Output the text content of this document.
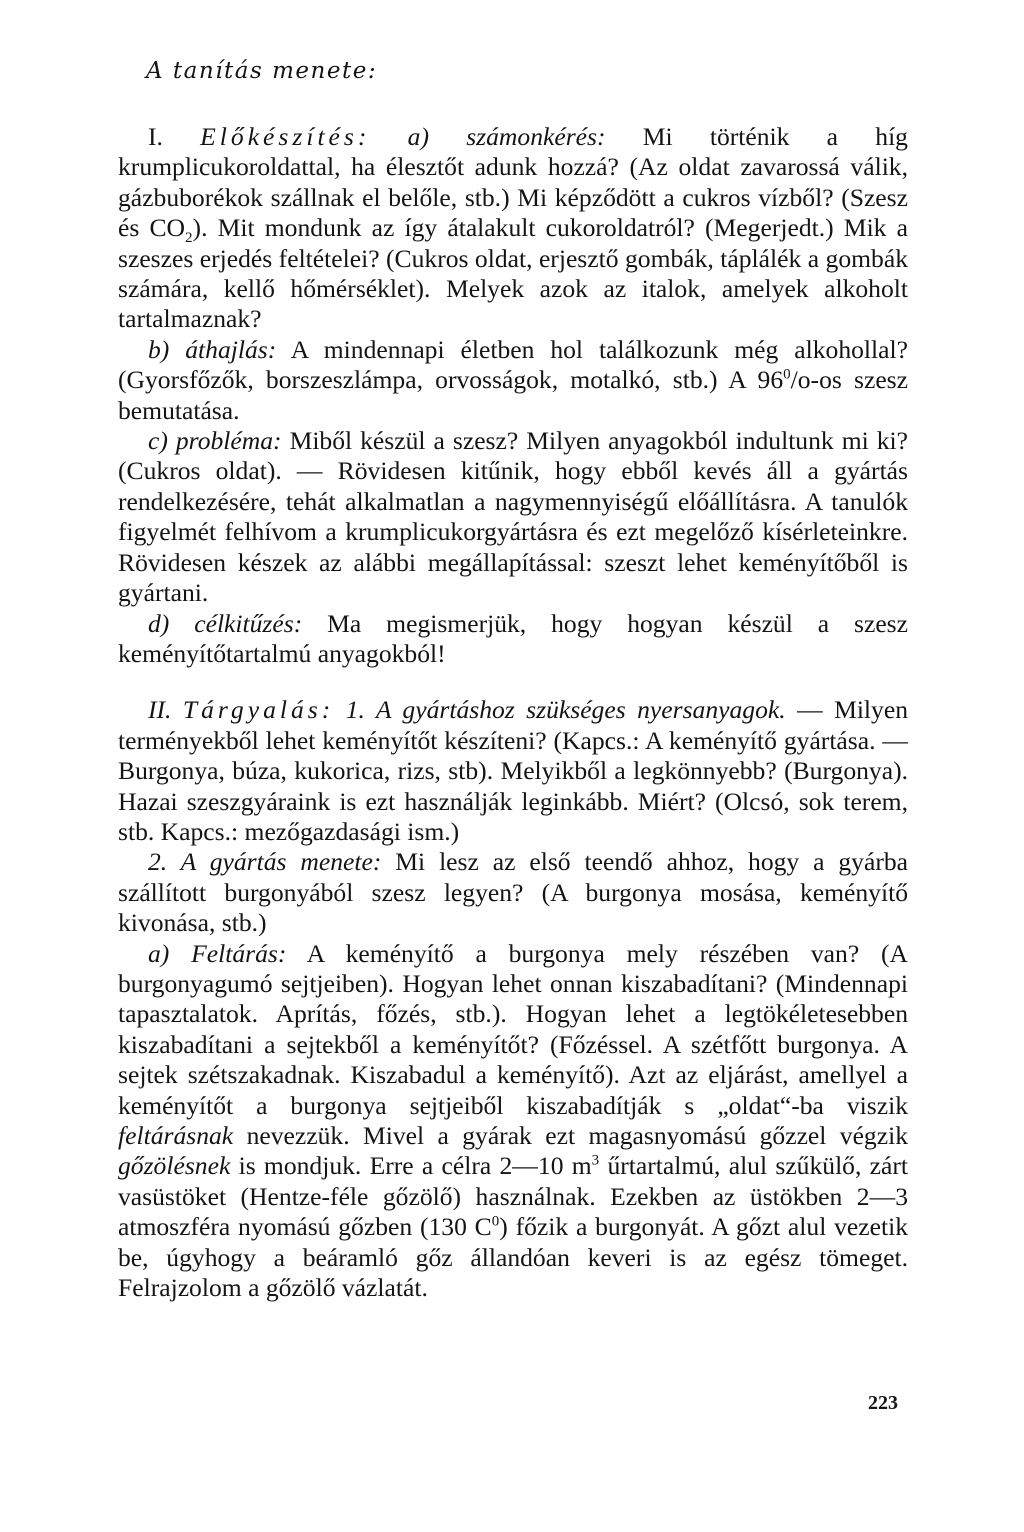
A tanítás menete:

I. Előkészítés: a) számonkérés: Mi történik a híg krumplicukoroldattal, ha élesztőt adunk hozzá? (Az oldat zavarossá válik, gázbuborékok szállnak el belőle, stb.) Mi képződött a cukros vízből? (Szesz és $CO_2$). Mit mondunk az így átalakult cukoroldatról? (Megerjedt.) Mik a szeszes erjedés feltételei? (Cukros oldat, erjesztő gombák, táplálék a gombák számára, kellő hőmérséklet). Melyek azok az italok, amelyek alkoholt tartalmaznak?

b) áthajlás: A mindennapi életben hol találkozunk még alkohollal? (Gyorsfőzők, borszeszlámpa, orvosságok, motalkó, stb.) A $96^0/o-os$ szesz bemutatása.

c) probléma: Miből készül a szesz? Milyen anyagokból indultunk mi ki? (Cukros oldat). — Rövidesen kitűnik, hogy ebből kevés áll a gyártás rendelkezésére, tehát alkalmatlan a nagymennyiségű előállításra. A tanulók figyelmét felhívom a krumplicukorgyártásra és ezt megelőző kísérleteinkre. Rövidesen készek az alábbi megállapítással: szeszt lehet keményítőből is gyártani.

d) célkitűzés: Ma megismerjük, hogy hogyan készül a szesz keményítőtartalmú anyagokból!

II. Tárgyalás: 1. A gyártáshoz szükséges nyersanyagok. — Milyen terményekből lehet keményítőt készíteni? (Kapcs.: A keményítő gyártása. — Burgonya, búza, kukorica, rizs, stb). Melyikből a legkönnyebb? (Burgonya). Hazai szeszgyáraink is ezt használják leginkább. Miért? (Olcsó, sok terem, stb. Kapcs.: mezőgazdasági ism.)

2. A gyártás menete: Mi lesz az első teendő ahhoz, hogy a gyárba szállított burgonyából szesz legyen? (A burgonya mosása, keményítő kivonása, stb.)

a) Feltárás: A keményítő a burgonya mely részében van? (A burgonyagumó sejtjeiben). Hogyan lehet onnan kiszabadítani? (Mindennapi tapasztalatok. Aprítás, főzés, stb.). Hogyan lehet a legtökéletesebben kiszabadítani a sejtekből a keményítőt? (Főzéssel. A szétfőtt burgonya. A sejtek szétszakadnak. Kiszabadul a keményítő). Azt az eljárást, amellyel a keményítőt a burgonya sejtjeiből kiszabadítják s „oldat“-ba viszik feltárásnak nevezzük. Mivel a gyárak ezt magasnyomású gőzzel végzik gőzölésnek is mondjuk. Erre a célra 2—10 $m^3$ űrtartalmú, alul szűkülő, zárt vasüstöket (Hentze-féle gőzölő) használnak. Ezekben az üstökben 2—3 atmoszféra nyomású gőzben (130 $C^0$) főzik a burgonyát. A gőzt alul vezetik be, úgyhogy a beáramló gőz állandóan keveri is az egész tömeget. Felrajzolom a gőzölő vázlatát.

223
